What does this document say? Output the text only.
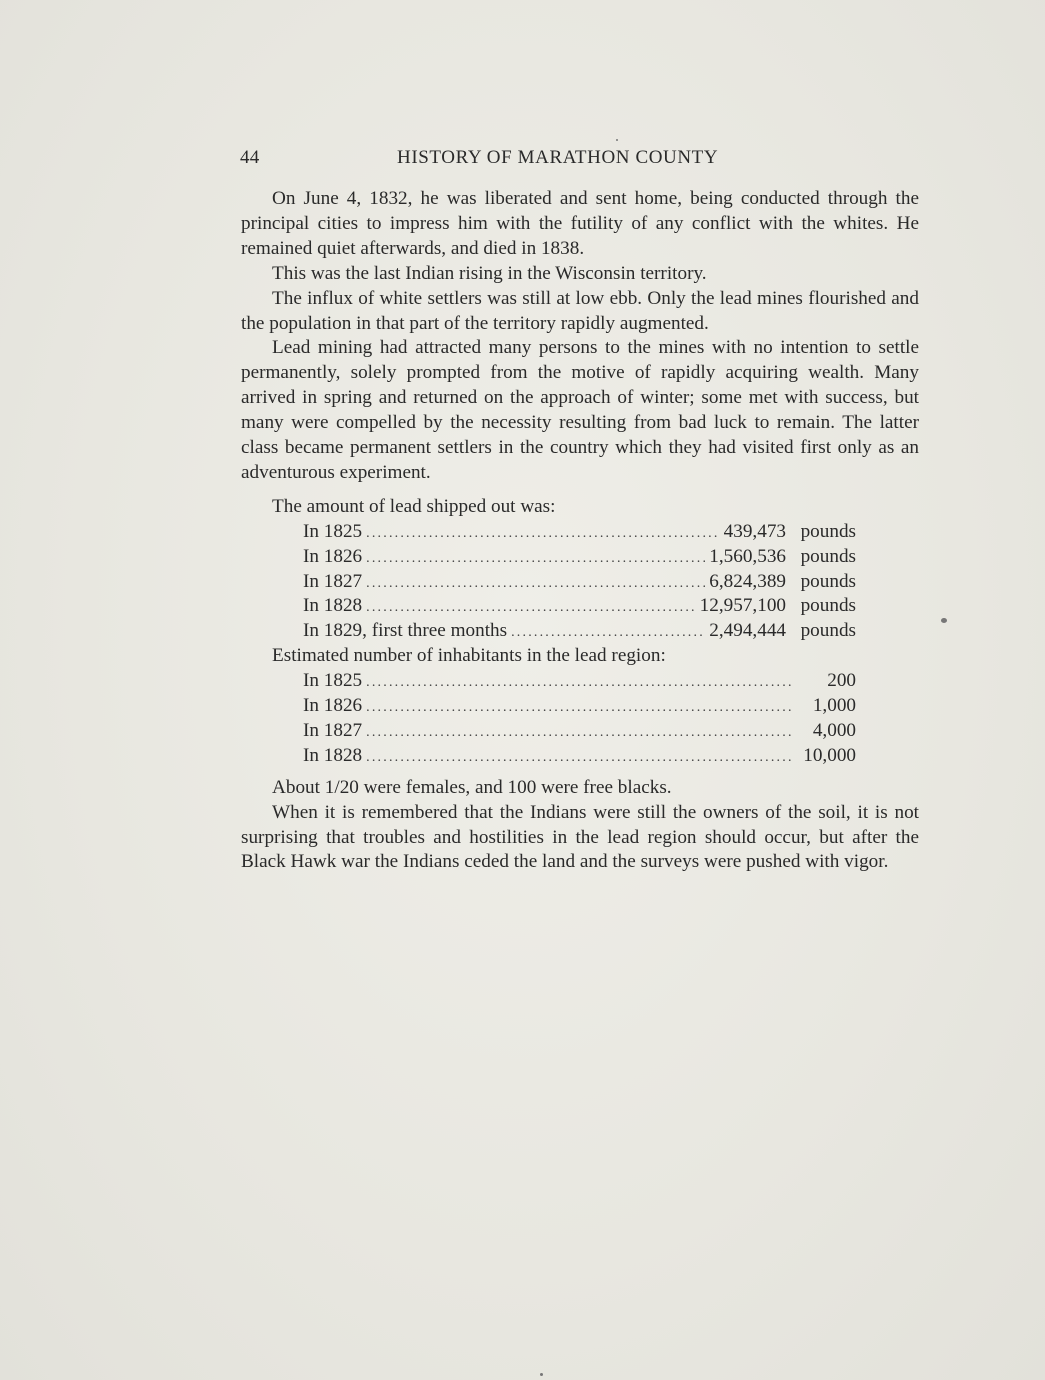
44	HISTORY OF MARATHON COUNTY

On June 4, 1832, he was liberated and sent home, being conducted through the principal cities to impress him with the futility of any conflict with the whites. He remained quiet afterwards, and died in 1838.

This was the last Indian rising in the Wisconsin territory.

The influx of white settlers was still at low ebb. Only the lead mines flourished and the population in that part of the territory rapidly augmented.

Lead mining had attracted many persons to the mines with no intention to settle permanently, solely prompted from the motive of rapidly acquiring wealth. Many arrived in spring and returned on the approach of winter; some met with success, but many were compelled by the necessity resulting from bad luck to remain. The latter class became permanent settlers in the country which they had visited first only as an adventurous experiment.

The amount of lead shipped out was:

In 1825 .....	439,473 pounds
In 1826 .....	1,560,536 pounds
In 1827 .....	6,824,389 pounds
In 1828 .....	12,957,100 pounds
In 1829, first three months .....	2,494,444 pounds

Estimated number of inhabitants in the lead region:

In 1825 .....	200
In 1826 .....	1,000
In 1827 .....	4,000
In 1828 .....	10,000

About 1/20 were females, and 100 were free blacks.

When it is remembered that the Indians were still the owners of the soil, it is not surprising that troubles and hostilities in the lead region should occur, but after the Black Hawk war the Indians ceded the land and the surveys were pushed with vigor.
